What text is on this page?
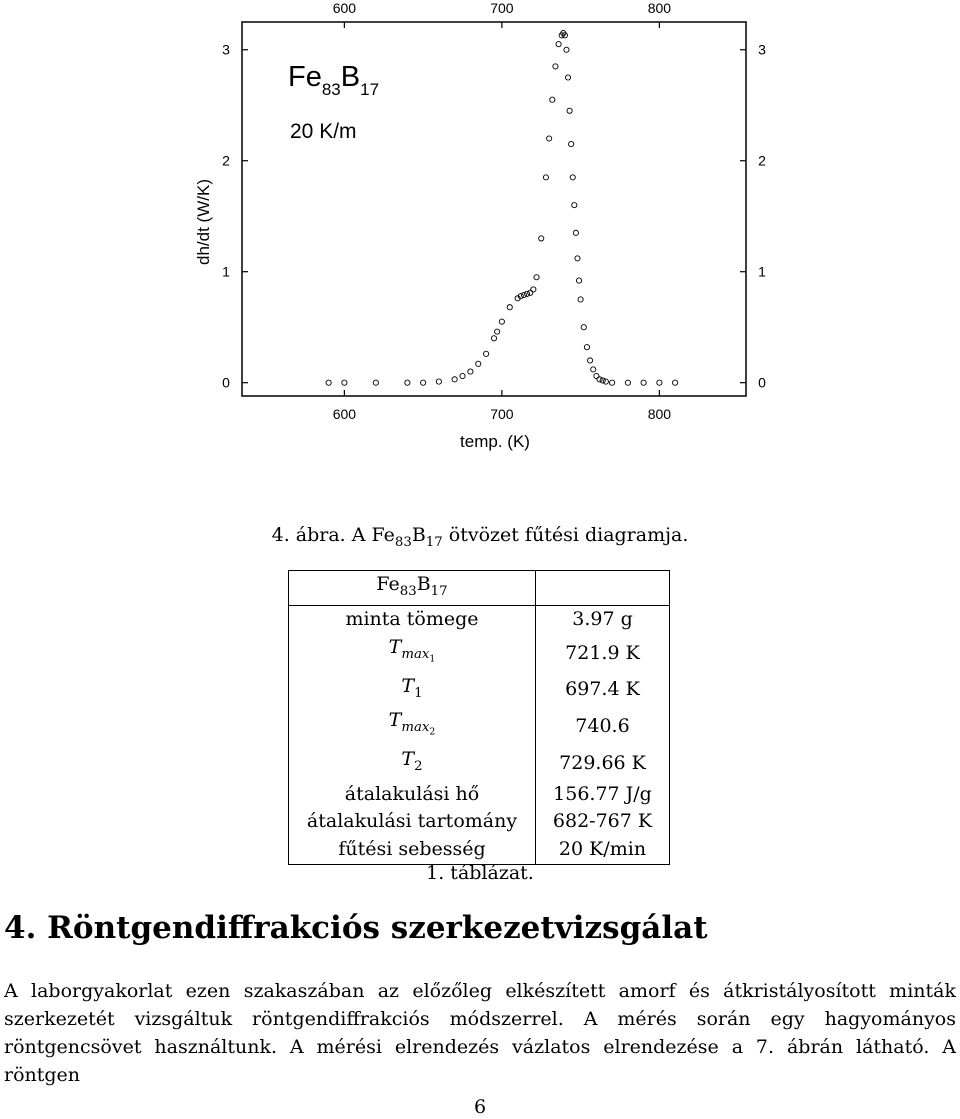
600	700	800
600	700	800
0
1
2
3
0
1
2
3
$Fe_{83}B_{17}$
20 K/m
temp. (K)
dh/dt (W/K)
4. ábra. A $Fe_{83}B_{17}$ ötvözet fűtési diagramja.
$Fe_{83}B_{17}$	
minta tömege	3.97 g
$T_{max_1}$	721.9 K
$T_1$	697.4 K
$T_{max_2}$	740.6
$T_2$	729.66 K
átalakulási hő	156.77 J/g
átalakulási tartomány	682-767 K
fűtési sebesség	20 K/min
1. táblázat.
4. Röntgendiffrakciós szerkezetvizsgálat

A laborgyakorlat ezen szakaszában az előzőleg elkészített amorf és átkristályosított minták szerkezetét vizsgáltuk röntgendiffrakciós módszerrel. A mérés során egy hagyományos röntgencsövet használtunk. A mérési elrendezés vázlatos elrendezése a 7. ábrán látható. A röntgen

6
